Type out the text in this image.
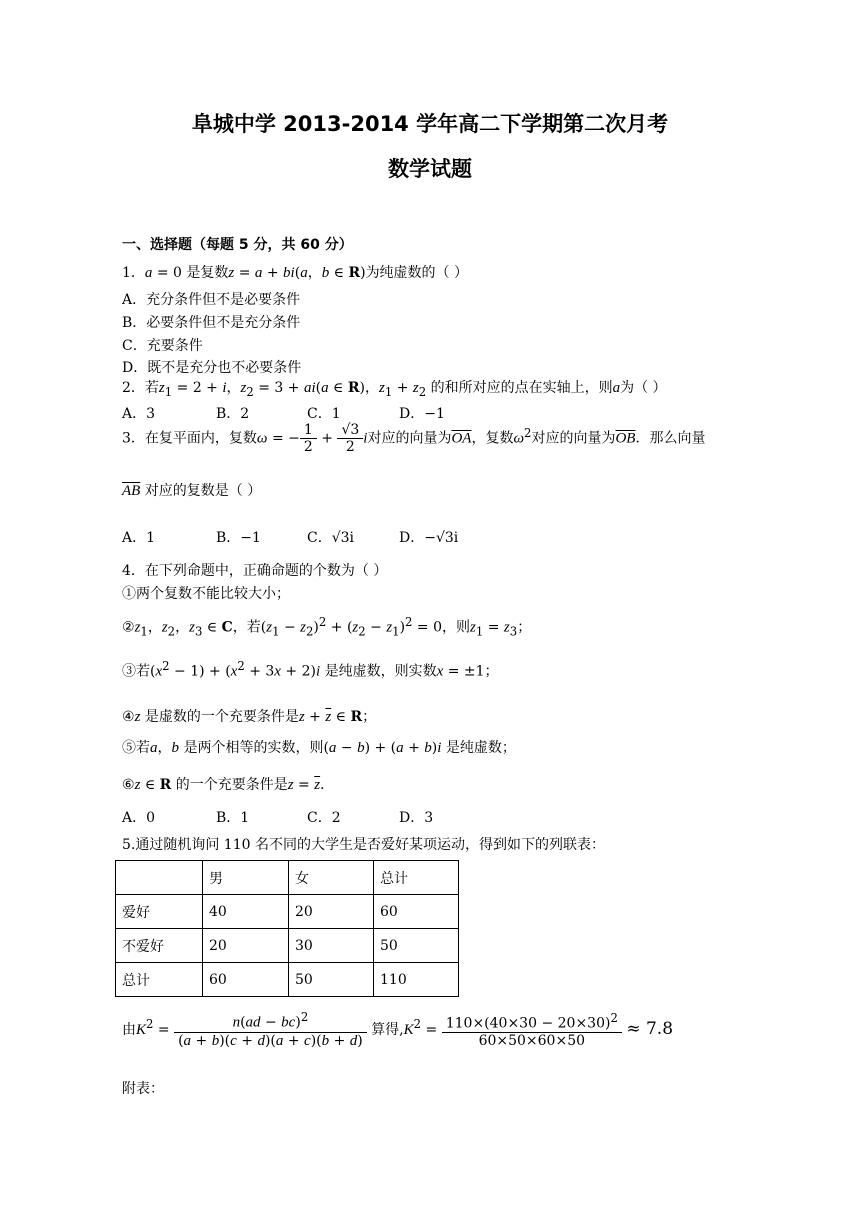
阜城中学 2013-2014 学年高二下学期第二次月考
数学试题
一、选择题（每题 5 分，共 60 分）
1．a = 0 是复数z = a + bi(a，b ∈ R)为纯虚数的（ ）
A．充分条件但不是必要条件
B．必要条件但不是充分条件
C．充要条件
D．既不是充分也不必要条件
2．若$z_1 = 2 + i$，$z_2 = 3 + ai(a$ ∈ R)，$z_1 + z_2$ 的和所对应的点在实轴上，则a为（ ）
A．3	B．2	C．1	D．−1
3．在复平面内，复数ω = − $\frac{1}{2} + \frac{√3}{2}$ i对应的向量为$\overline{OA}$，复数$\omega^2$对应的向量为$\overline{OB}$．那么向量
$\overline{AB}$ 对应的复数是（ ）
A．1	B．−1	C．√3i	D．−√3i
4．在下列命题中，正确命题的个数为（ ）
①两个复数不能比较大小；
$②z_1$，$z_2$，$z_3$ ∈ C，若$(z_1 - z_2)^2 + (z_2 - z_1)^2 = 0$，则$z_1 = z_3$；
③若$(x^2 - 1) + (x^2 + 3x + 2)i$ 是纯虚数，则实数x = ±1；
④z 是虚数的一个充要条件是$z + \overline{z}$ ∈ R；
⑤若a，b 是两个相等的实数，则(a − b) + (a + b)i 是纯虚数；
⑥z ∈ R 的一个充要条件是$z = \overline{z}$．
A．0	B．1	C．2	D．3
5.通过随机询问 110 名不同的大学生是否爱好某项运动，得到如下的列联表：
	男	女	总计
爱好	40	20	60
不爱好	20	30	50
总计	60	50	110
由$K^2 = \frac{n(ad - bc)^2}{(a + b)(c + d)(a + c)(b + d)}$ 算得$,K^2 = \frac{110\times(40\times 30 - 20\times 30)^2}{60\times 50\times 60\times 50} \approx 7.8$
附表：
